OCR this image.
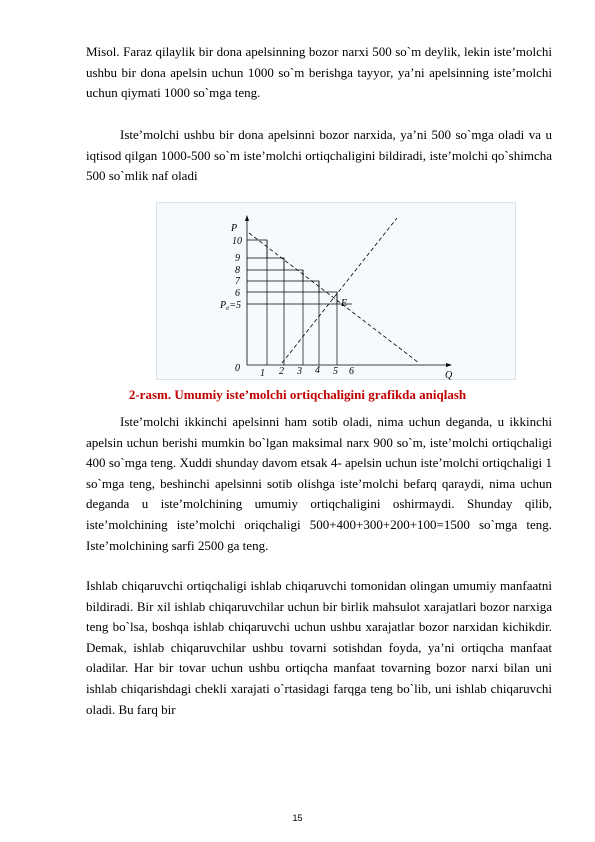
Misol. Faraz qilaylik bir dona apelsinning bozor narxi 500 so`m deylik, lekin iste’molchi ushbu bir dona apelsin uchun 1000 so`m berishga tayyor, ya’ni apelsinning iste’molchi uchun qiymati 1000 so`mga teng.

Iste’molchi ushbu bir dona apelsinni bozor narxida, ya’ni 500 so`mga oladi va u iqtisod qilgan 1000-500 so`m iste’molchi ortiqchaligini bildiradi, iste’molchi qo`shimcha 500 so`mlik naf oladi

P
Q
0
E
10
9
8
7
6
$P_e=5$
1 2 3 4 5 6
2-rasm. Umumiy iste’molchi ortiqchaligini grafikda aniqlash

Iste’molchi ikkinchi apelsinni ham sotib oladi, nima uchun deganda, u ikkinchi apelsin uchun berishi mumkin bo`lgan maksimal narx 900 so`m, iste’molchi ortiqchaligi 400 so`mga teng. Xuddi shunday davom etsak 4- apelsin uchun iste’molchi ortiqchaligi 1 so`mga teng, beshinchi apelsinni sotib olishga iste’molchi befarq qaraydi, nima uchun deganda u iste’molchining umumiy ortiqchaligini oshirmaydi. Shunday qilib, iste’molchining iste’molchi oriqchaligi 500+400+300+200+100=1500 so`mga teng. Iste’molchining sarfi 2500 ga teng.

Ishlab chiqaruvchi ortiqchaligi ishlab chiqaruvchi tomonidan olingan umumiy manfaatni bildiradi. Bir xil ishlab chiqaruvchilar uchun bir birlik mahsulot xarajatlari bozor narxiga teng bo`lsa, boshqa ishlab chiqaruvchi uchun ushbu xarajatlar bozor narxidan kichikdir. Demak, ishlab chiqaruvchilar ushbu tovarni sotishdan foyda, ya’ni ortiqcha manfaat oladilar. Har bir tovar uchun ushbu ortiqcha manfaat tovarning bozor narxi bilan uni ishlab chiqarishdagi chekli xarajati o`rtasidagi farqga teng bo`lib, uni ishlab chiqaruvchi oladi. Bu farq bir

15
